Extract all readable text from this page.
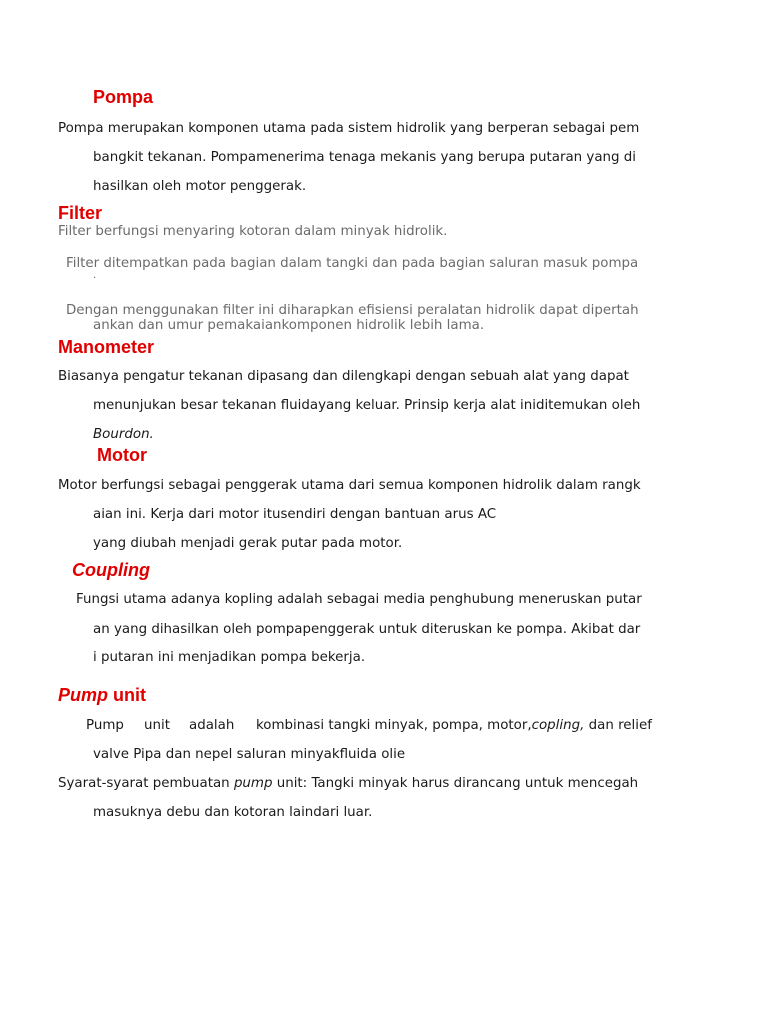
Pompa
Pompa merupakan komponen utama pada sistem hidrolik yang berperan sebagai pem
bangkit tekanan. Pompamenerima tenaga mekanis yang berupa putaran yang di
hasilkan oleh motor penggerak.
Filter
Filter berfungsi menyaring kotoran dalam minyak hidrolik.
Filter ditempatkan pada bagian dalam tangki dan pada bagian saluran masuk pompa
.
Dengan menggunakan filter ini diharapkan efisiensi peralatan hidrolik dapat dipertah
ankan dan umur pemakaiankomponen hidrolik lebih lama.
Manometer
Biasanya pengatur tekanan dipasang dan dilengkapi dengan sebuah alat yang dapat
menunjukan besar tekanan fluidayang keluar. Prinsip kerja alat iniditemukan oleh
Bourdon.
Motor
Motor berfungsi sebagai penggerak utama dari semua komponen hidrolik dalam rangk
aian ini. Kerja dari motor itusendiri dengan bantuan arus AC
yang diubah menjadi gerak putar pada motor.
Coupling
Fungsi utama adanya kopling adalah sebagai media penghubung meneruskan putar
an yang dihasilkan oleh pompapenggerak untuk diteruskan ke pompa. Akibat dar
i putaran ini menjadikan pompa bekerja.
Pump unit
Pump unit adalah kombinasi tangki minyak, pompa, motor,copling, dan relief
valve Pipa dan nepel saluran minyakfluida olie
Syarat-syarat pembuatan pump unit: Tangki minyak harus dirancang untuk mencegah
masuknya debu dan kotoran laindari luar.
